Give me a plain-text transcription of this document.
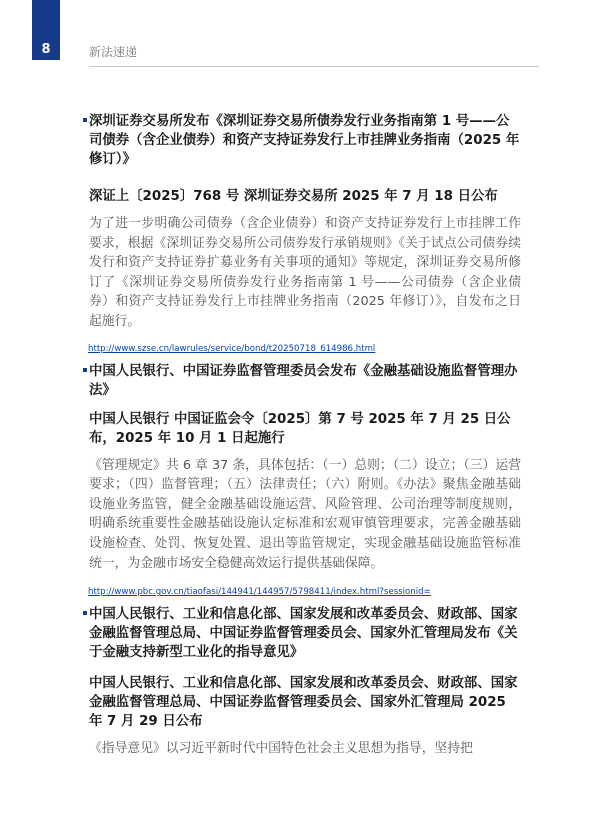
8	新法速递
深圳证券交易所发布《深圳证券交易所债券发行业务指南第 1 号——公司债券（含企业债券）和资产支持证券发行上市挂牌业务指南（2025 年修订）》
深证上〔2025〕768 号 深圳证券交易所 2025 年 7 月 18 日公布

为了进一步明确公司债券（含企业债券）和资产支持证券发行上市挂牌工作要求，根据《深圳证券交易所公司债券发行承销规则》《关于试点公司债券续发行和资产支持证券扩募业务有关事项的通知》等规定，深圳证券交易所修订了《深圳证券交易所债券发行业务指南第 1 号——公司债券（含企业债券）和资产支持证券发行上市挂牌业务指南（2025 年修订）》，自发布之日起施行。

http://www.szse.cn/lawrules/service/bond/t20250718_614986.html
中国人民银行、中国证券监督管理委员会发布《金融基础设施监督管理办法》
中国人民银行 中国证监会令〔2025〕第 7 号 2025 年 7 月 25 日公布，2025 年 10 月 1 日起施行

《管理规定》共 6 章 37 条，具体包括：（一）总则；（二）设立；（三）运营要求；（四）监督管理；（五）法律责任；（六）附则。《办法》聚焦金融基础设施业务监管，健全金融基础设施运营、风险管理、公司治理等制度规则，明确系统重要性金融基础设施认定标准和宏观审慎管理要求，完善金融基础设施检查、处罚、恢复处置、退出等监管规定，实现金融基础设施监管标准统一，为金融市场安全稳健高效运行提供基础保障。

http://www.pbc.gov.cn/tiaofasi/144941/144957/5798411/index.html?sessionid=
中国人民银行、工业和信息化部、国家发展和改革委员会、财政部、国家金融监督管理总局、中国证券监督管理委员会、国家外汇管理局发布《关于金融支持新型工业化的指导意见》
中国人民银行、工业和信息化部、国家发展和改革委员会、财政部、国家金融监督管理总局、中国证券监督管理委员会、国家外汇管理局 2025 年 7 月 29 日公布

《指导意见》以习近平新时代中国特色社会主义思想为指导，坚持把
